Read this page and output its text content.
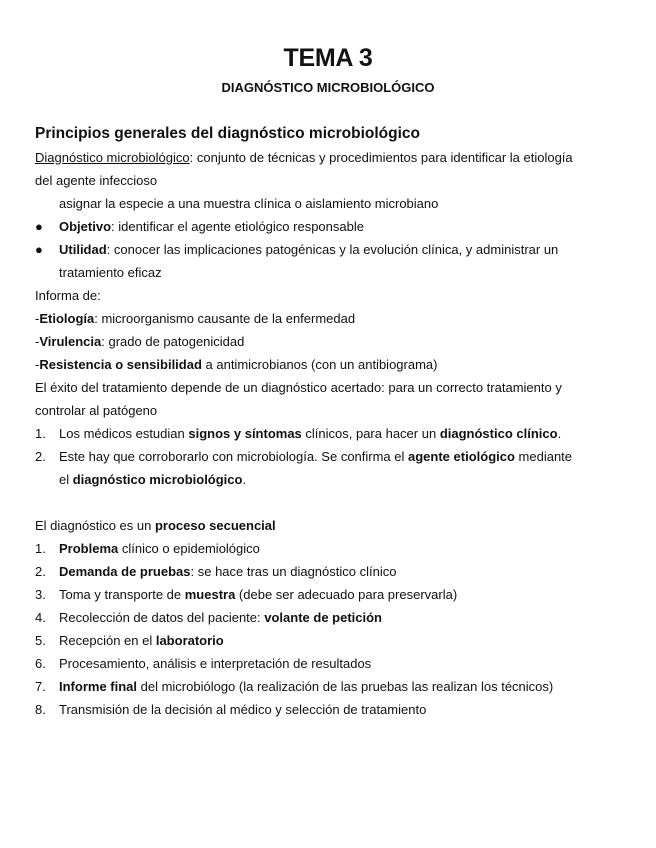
TEMA 3
DIAGNÓSTICO MICROBIOLÓGICO
Principios generales del diagnóstico microbiológico
Diagnóstico microbiológico: conjunto de técnicas y procedimientos para identificar la etiología
del agente infeccioso
asignar la especie a una muestra clínica o aislamiento microbiano
● Objetivo: identificar el agente etiológico responsable
● Utilidad: conocer las implicaciones patogénicas y la evolución clínica, y administrar un
tratamiento eficaz
Informa de:
-Etiología: microorganismo causante de la enfermedad
-Virulencia: grado de patogenicidad
-Resistencia o sensibilidad a antimicrobianos (con un antibiograma)
El éxito del tratamiento depende de un diagnóstico acertado: para un correcto tratamiento y
controlar al patógeno
1. Los médicos estudian signos y síntomas clínicos, para hacer un diagnóstico clínico.
2. Este hay que corroborarlo con microbiología. Se confirma el agente etiológico mediante
el diagnóstico microbiológico.
El diagnóstico es un proceso secuencial
1. Problema clínico o epidemiológico
2. Demanda de pruebas: se hace tras un diagnóstico clínico
3. Toma y transporte de muestra (debe ser adecuado para preservarla)
4. Recolección de datos del paciente: volante de petición
5. Recepción en el laboratorio
6. Procesamiento, análisis e interpretación de resultados
7. Informe final del microbiólogo (la realización de las pruebas las realizan los técnicos)
8. Transmisión de la decisión al médico y selección de tratamiento
